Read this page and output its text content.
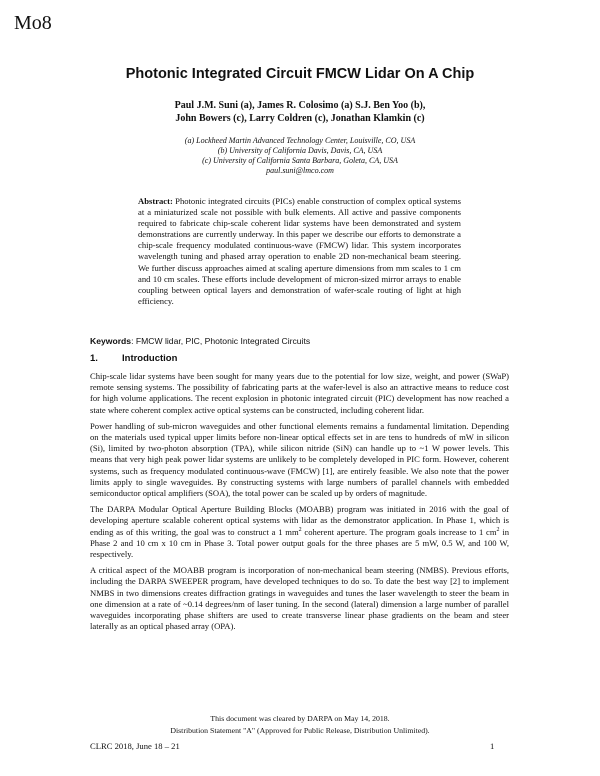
Mo8
Photonic Integrated Circuit FMCW Lidar On A Chip
Paul J.M. Suni (a), James R. Colosimo (a) S.J. Ben Yoo (b),
John Bowers (c), Larry Coldren (c), Jonathan Klamkin (c)
(a) Lockheed Martin Advanced Technology Center, Louisville, CO, USA
(b) University of California Davis, Davis, CA, USA
(c) University of California Santa Barbara, Goleta, CA, USA
paul.suni@lmco.com
Abstract: Photonic integrated circuits (PICs) enable construction of complex optical systems at a miniaturized scale not possible with bulk elements. All active and passive components required to fabricate chip-scale coherent lidar systems have been demonstrated and system demonstrations are currently underway. In this paper we describe our efforts to demonstrate a chip-scale frequency modulated continuous-wave (FMCW) lidar. This system incorporates wavelength tuning and phased array operation to enable 2D non-mechanical beam steering. We further discuss approaches aimed at scaling aperture dimensions from mm scales to 1 cm and 10 cm scales. These efforts include development of micron-sized mirror arrays to enable coupling between optical layers and demonstration of wafer-scale routing of light at high efficiency.
Keywords: FMCW lidar, PIC, Photonic Integrated Circuits
1.	Introduction

Chip-scale lidar systems have been sought for many years due to the potential for low size, weight, and power (SWaP) remote sensing systems. The possibility of fabricating parts at the wafer-level is also an attractive means to reduce cost for high volume applications. The recent explosion in photonic integrated circuit (PIC) development has now reached a state where coherent complex active optical systems can be constructed, including coherent lidar.

Power handling of sub-micron waveguides and other functional elements remains a fundamental limitation. Depending on the materials used typical upper limits before non-linear optical effects set in are tens to hundreds of mW in silicon (Si), limited by two-photon absorption (TPA), while silicon nitride (SiN) can handle up to ~1 W power levels. This means that very high peak power lidar systems are unlikely to be completely developed in PIC form. However, coherent systems, such as frequency modulated continuous-wave (FMCW) [1], are entirely feasible. We also note that the power limits apply to single waveguides. By constructing systems with large numbers of parallel channels with embedded semiconductor optical amplifiers (SOA), the total power can be scaled up by orders of magnitude.

The DARPA Modular Optical Aperture Building Blocks (MOABB) program was initiated in 2016 with the goal of developing aperture scalable coherent optical systems with lidar as the demonstrator application. In Phase 1, which is ending as of this writing, the goal was to construct a 1 $mm^2$ coherent aperture. The program goals increase to 1 $cm^2$ in Phase 2 and 10 cm x 10 cm in Phase 3. Total power output goals for the three phases are 5 mW, 0.5 W, and 100 W, respectively.

A critical aspect of the MOABB program is incorporation of non-mechanical beam steering (NMBS). Previous efforts, including the DARPA SWEEPER program, have developed techniques to do so. To date the best way [2] to implement NMBS in two dimensions creates diffraction gratings in waveguides and tunes the laser wavelength to steer the beam in one dimension at a rate of ~0.14 degrees/nm of laser tuning. In the second (lateral) dimension a large number of parallel waveguides incorporating phase shifters are used to create transverse linear phase gradients on the beam and steer laterally as an optical phased array (OPA).

This document was cleared by DARPA on May 14, 2018.
Distribution Statement "A" (Approved for Public Release, Distribution Unlimited).
CLRC 2018, June 18 – 21	1
